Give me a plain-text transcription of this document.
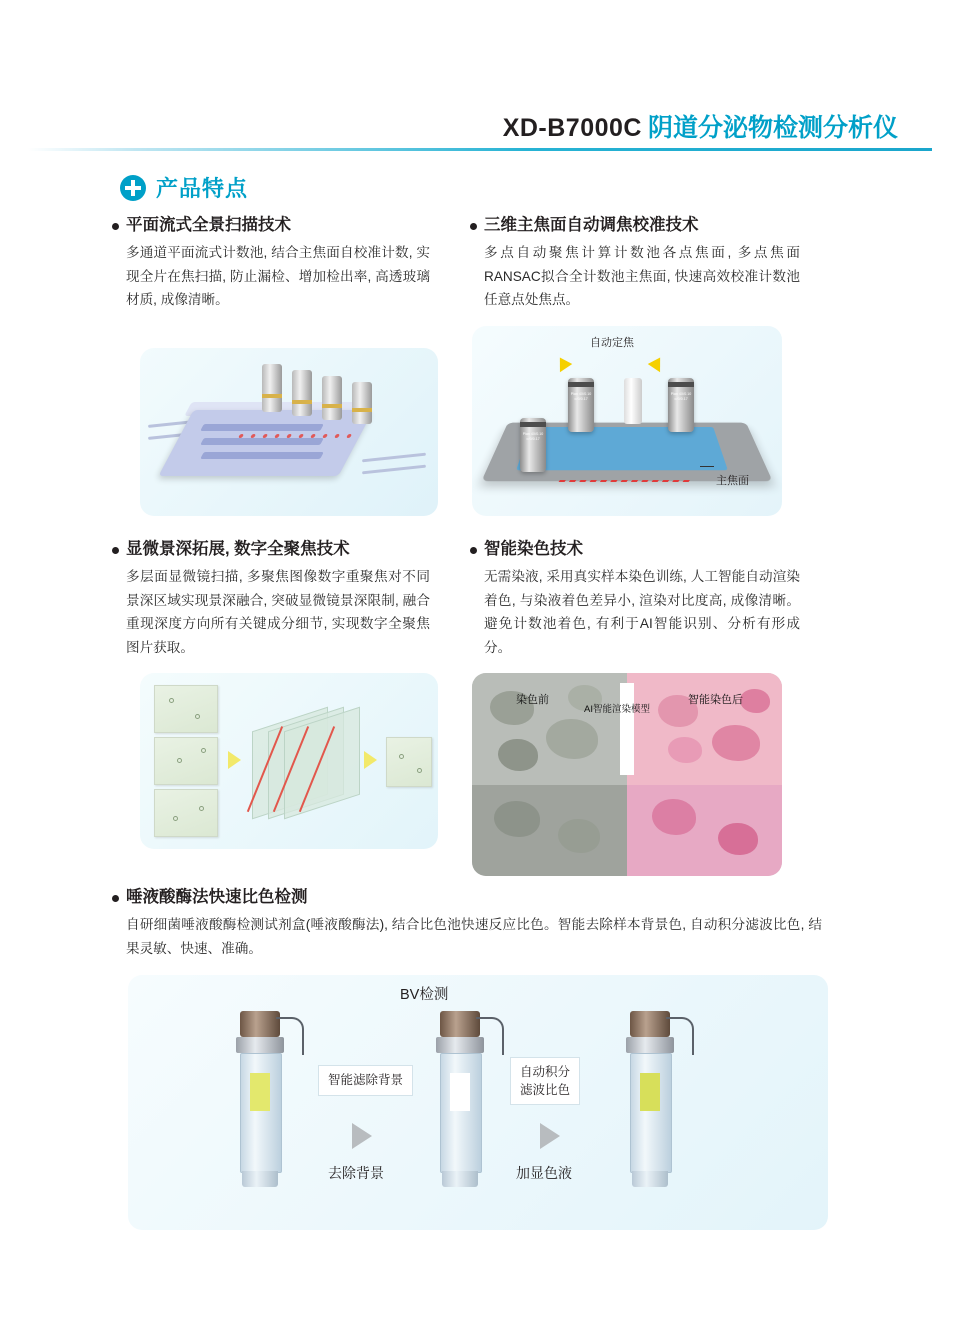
XD-B7000C 阴道分泌物检测分析仪
产品特点
平面流式全景扫描技术
多通道平面流式计数池, 结合主焦面自校准计数, 实现全片在焦扫描, 防止漏检、增加检出率, 高透玻璃材质, 成像清晰。
三维主焦面自动调焦校准技术
多点自动聚焦计算计数池各点焦面, 多点焦面RANSAC拟合全计数池主焦面, 快速高效校准计数池任意点处焦点。
自动定焦
Plan 4X/0.10
∞/0/0.17
Plan 4X/0.10
∞/0/0.17
Plan 4X/0.10
∞/0/0.17
主焦面
显微景深拓展, 数字全聚焦技术
多层面显微镜扫描, 多聚焦图像数字重聚焦对不同景深区域实现景深融合, 突破显微镜景深限制, 融合重现深度方向所有关键成分细节, 实现数字全聚焦图片获取。
智能染色技术
无需染液, 采用真实样本染色训练, 人工智能自动渲染着色, 与染液着色差异小, 渲染对比度高, 成像清晰。避免计数池着色, 有利于AI智能识别、分析有形成分。
染色前
AI智能渲染模型
智能染色后
唾液酸酶法快速比色检测
自研细菌唾液酸酶检测试剂盒(唾液酸酶法), 结合比色池快速反应比色。智能去除样本背景色, 自动积分滤波比色, 结果灵敏、快速、准确。
BV检测
智能滤除背景
去除背景
自动积分
滤波比色
加显色液
